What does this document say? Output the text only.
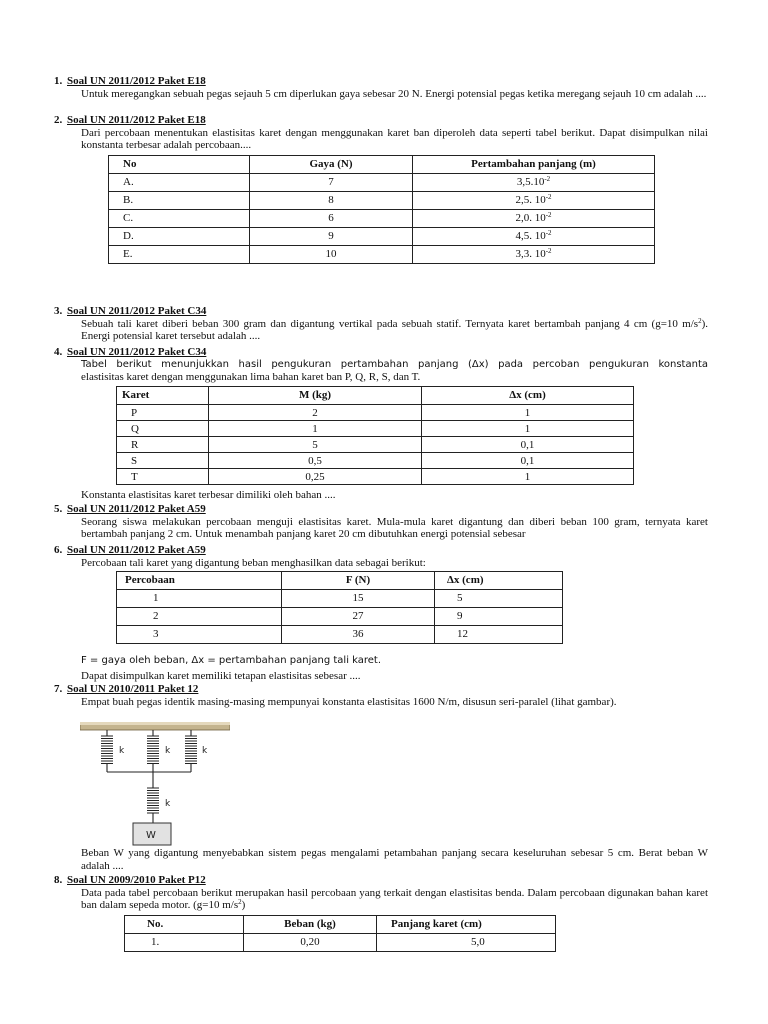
1. Soal UN 2011/2012 Paket E18
Untuk meregangkan sebuah pegas sejauh 5 cm diperlukan gaya sebesar 20 N. Energi potensial pegas ketika meregang sejauh 10 cm adalah ....
2. Soal UN 2011/2012 Paket E18
Dari percobaan menentukan elastisitas karet dengan menggunakan karet ban diperoleh data seperti tabel berikut. Dapat disimpulkan nilai konstanta terbesar adalah percobaan....
No	Gaya (N)	Pertambahan panjang (m)
A.	7	$3,5.10^{-2}$
B.	8	2,5. $10^{-2}$
C.	6	2,0. $10^{-2}$
D.	9	4,5. $10^{-2}$
E.	10	3,3. $10^{-2}$
3. Soal UN 2011/2012 Paket C34
Sebuah tali karet diberi beban 300 gram dan digantung vertikal pada sebuah statif. Ternyata karet bertambah panjang 4 cm (g=10 $m/s^2$). Energi potensial karet tersebut adalah ....
4. Soal UN 2011/2012 Paket C34
Tabel berikut menunjukkan hasil pengukuran pertambahan panjang (Δx) pada percoban pengukuran konstanta
elastisitas karet dengan menggunakan lima bahan karet ban P, Q, R, S, dan T.
Karet	M (kg)	Δx (cm)
P	2	1
Q	1	1
R	5	0,1
S	0,5	0,1
T	0,25	1
Konstanta elastisitas karet terbesar dimiliki oleh bahan ....
5. Soal UN 2011/2012 Paket A59
Seorang siswa melakukan percobaan menguji elastisitas karet. Mula-mula karet digantung dan diberi beban 100 gram, ternyata karet bertambah panjang 2 cm. Untuk menambah panjang karet 20 cm dibutuhkan energi potensial sebesar
6. Soal UN 2011/2012 Paket A59
Percobaan tali karet yang digantung beban menghasilkan data sebagai berikut:
Percobaan	F (N)	Δx (cm)
1	15	5
2	27	9
3	36	12
F = gaya oleh beban, Δx = pertambahan panjang tali karet.
Dapat disimpulkan karet memiliki tetapan elastisitas sebesar ....
7. Soal UN 2010/2011 Paket 12
Empat buah pegas identik masing-masing mempunyai konstanta elastisitas 1600 N/m, disusun seri-paralel (lihat gambar).
k	k	k
k
W
Beban W yang digantung menyebabkan sistem pegas mengalami petambahan panjang secara keseluruhan sebesar 5 cm. Berat beban W adalah ....
8. Soal UN 2009/2010 Paket P12
Data pada tabel percobaan berikut merupakan hasil percobaan yang terkait dengan elastisitas benda. Dalam percobaan digunakan bahan karet ban dalam sepeda motor. (g=10 $m/s^2$)
No.	Beban (kg)	Panjang karet (cm)
1.	0,20	5,0
